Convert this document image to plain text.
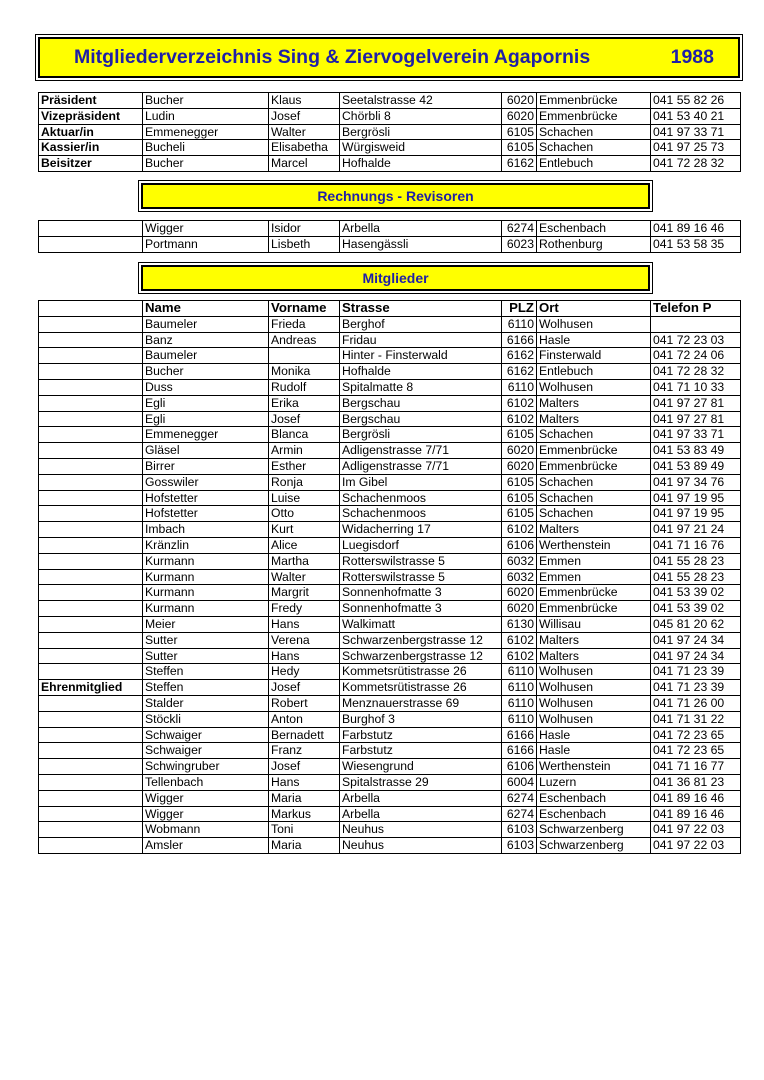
Mitgliederverzeichnis Sing & Ziervogelverein Agapornis	1988
Präsident	Bucher	Klaus	Seetalstrasse 42	6020	Emmenbrücke	041 55 82 26
Vizepräsident	Ludin	Josef	Chörbli 8	6020	Emmenbrücke	041 53 40 21
Aktuar/in	Emmenegger	Walter	Bergrösli	6105	Schachen	041 97 33 71
Kassier/in	Bucheli	Elisabetha	Würgisweid	6105	Schachen	041 97 25 73
Beisitzer	Bucher	Marcel	Hofhalde	6162	Entlebuch	041 72 28 32
Rechnungs - Revisoren
	Wigger	Isidor	Arbella	6274	Eschenbach	041 89 16 46
	Portmann	Lisbeth	Hasengässli	6023	Rothenburg	041 53 58 35
Mitglieder
	Name	Vorname	Strasse	PLZ	Ort	Telefon P
	Baumeler	Frieda	Berghof	6110	Wolhusen	
	Banz	Andreas	Fridau	6166	Hasle	041 72 23 03
	Baumeler		Hinter - Finsterwald	6162	Finsterwald	041 72 24 06
	Bucher	Monika	Hofhalde	6162	Entlebuch	041 72 28 32
	Duss	Rudolf	Spitalmatte 8	6110	Wolhusen	041 71 10 33
	Egli	Erika	Bergschau	6102	Malters	041 97 27 81
	Egli	Josef	Bergschau	6102	Malters	041 97 27 81
	Emmenegger	Blanca	Bergrösli	6105	Schachen	041 97 33 71
	Gläsel	Armin	Adligenstrasse 7/71	6020	Emmenbrücke	041 53 83 49
	Birrer	Esther	Adligenstrasse 7/71	6020	Emmenbrücke	041 53 89 49
	Gosswiler	Ronja	Im Gibel	6105	Schachen	041 97 34 76
	Hofstetter	Luise	Schachenmoos	6105	Schachen	041 97 19 95
	Hofstetter	Otto	Schachenmoos	6105	Schachen	041 97 19 95
	Imbach	Kurt	Widacherring 17	6102	Malters	041 97 21 24
	Kränzlin	Alice	Luegisdorf	6106	Werthenstein	041 71 16 76
	Kurmann	Martha	Rotterswilstrasse 5	6032	Emmen	041 55 28 23
	Kurmann	Walter	Rotterswilstrasse 5	6032	Emmen	041 55 28 23
	Kurmann	Margrit	Sonnenhofmatte 3	6020	Emmenbrücke	041 53 39 02
	Kurmann	Fredy	Sonnenhofmatte 3	6020	Emmenbrücke	041 53 39 02
	Meier	Hans	Walkimatt	6130	Willisau	045 81 20 62
	Sutter	Verena	Schwarzenbergstrasse 12	6102	Malters	041 97 24 34
	Sutter	Hans	Schwarzenbergstrasse 12	6102	Malters	041 97 24 34
	Steffen	Hedy	Kommetsrütistrasse 26	6110	Wolhusen	041 71 23 39
Ehrenmitglied	Steffen	Josef	Kommetsrütistrasse 26	6110	Wolhusen	041 71 23 39
	Stalder	Robert	Menznauerstrasse 69	6110	Wolhusen	041 71 26 00
	Stöckli	Anton	Burghof 3	6110	Wolhusen	041 71 31 22
	Schwaiger	Bernadett	Farbstutz	6166	Hasle	041 72 23 65
	Schwaiger	Franz	Farbstutz	6166	Hasle	041 72 23 65
	Schwingruber	Josef	Wiesengrund	6106	Werthenstein	041 71 16 77
	Tellenbach	Hans	Spitalstrasse 29	6004	Luzern	041 36 81 23
	Wigger	Maria	Arbella	6274	Eschenbach	041 89 16 46
	Wigger	Markus	Arbella	6274	Eschenbach	041 89 16 46
	Wobmann	Toni	Neuhus	6103	Schwarzenberg	041 97 22 03
	Amsler	Maria	Neuhus	6103	Schwarzenberg	041 97 22 03
